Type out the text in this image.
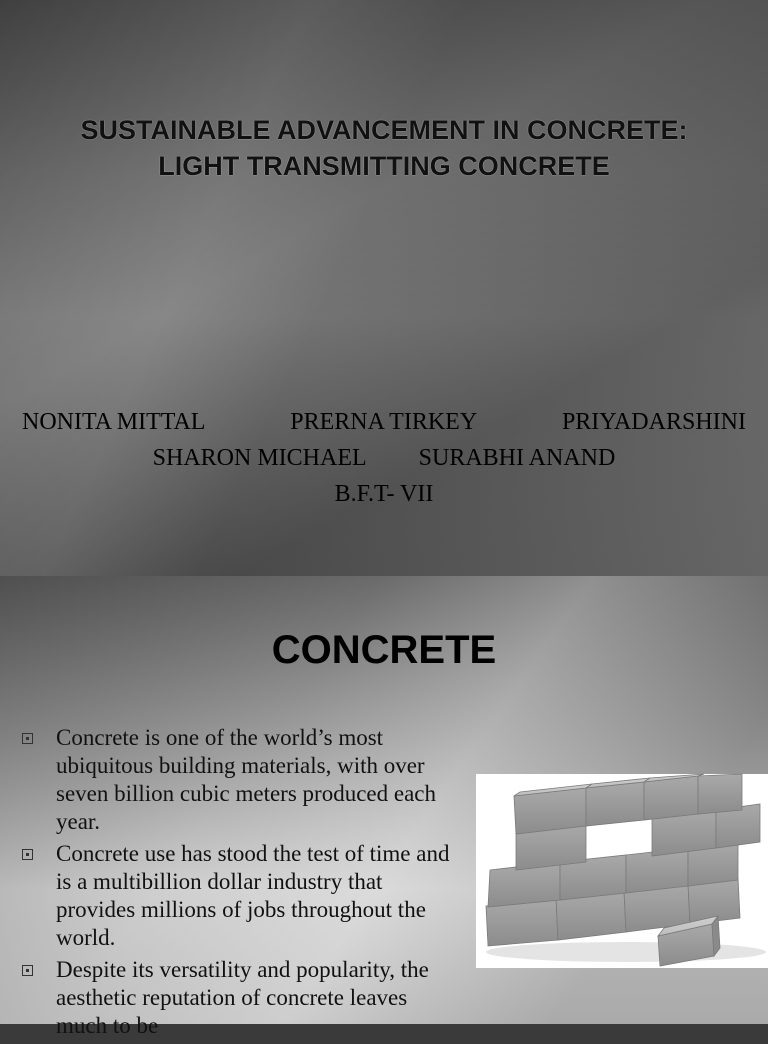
SUSTAINABLE ADVANCEMENT IN CONCRETE:
LIGHT TRANSMITTING CONCRETE
NONITA MITTAL	PRERNA TIRKEY	PRIYADARSHINI
SHARON MICHAEL SURABHI ANAND
B.F.T- VII
CONCRETE
Concrete is one of the world’s most ubiquitous building materials, with over seven billion cubic meters produced each year.
Concrete use has stood the test of time and is a multibillion dollar industry that provides millions of jobs throughout the world.
Despite its versatility and popularity, the aesthetic reputation of concrete leaves much to be
